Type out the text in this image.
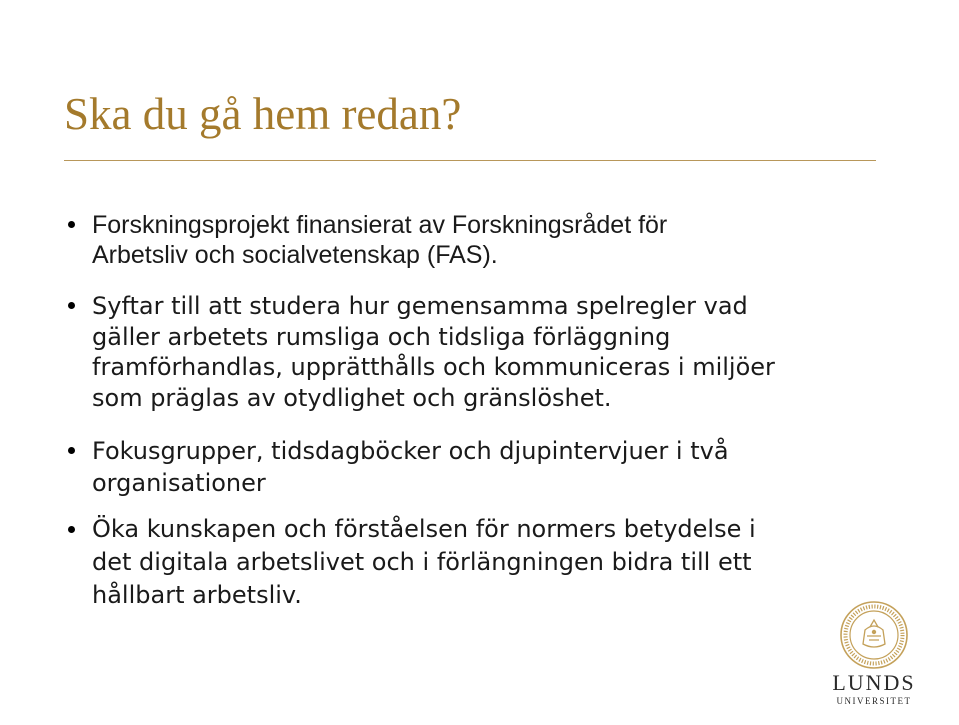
Ska du gå hem redan?
Forskningsprojekt finansierat av Forskningsrådet för
Arbetsliv och socialvetenskap (FAS).
Syftar till att studera hur gemensamma spelregler vad
gäller arbetets rumsliga och tidsliga förläggning
framförhandlas, upprätthålls och kommuniceras i miljöer
som präglas av otydlighet och gränslöshet.
Fokusgrupper, tidsdagböcker och djupintervjuer i två
organisationer
Öka kunskapen och förståelsen för normers betydelse i
det digitala arbetslivet och i förlängningen bidra till ett
hållbart arbetsliv.
LUNDS
UNIVERSITET
